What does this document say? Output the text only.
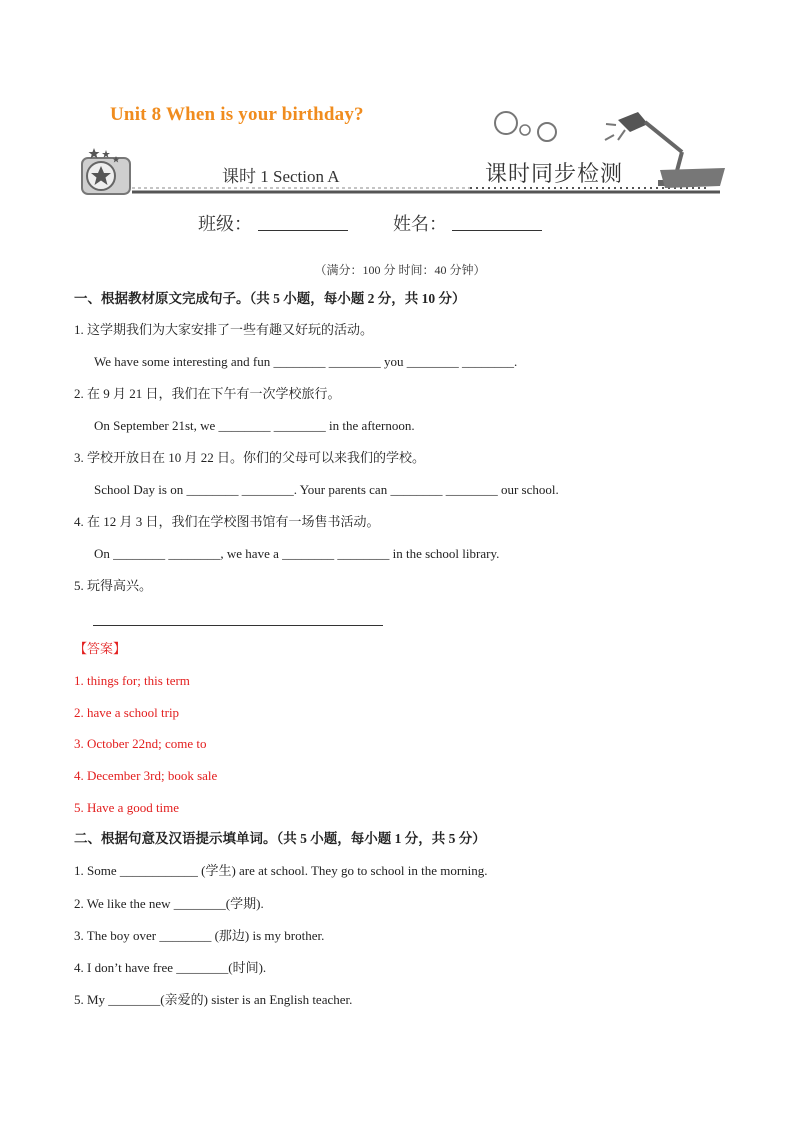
Unit 8 When is your birthday?
课时 1 Section A	课时同步检测
班级：	姓名：
（满分：100 分 时间：40 分钟）
一、根据教材原文完成句子。（共 5 小题，每小题 2 分，共 10 分）
1. 这学期我们为大家安排了一些有趣又好玩的活动。
We have some interesting and fun ________ ________ you ________ ________.
2. 在 9 月 21 日，我们在下午有一次学校旅行。
On September 21st, we ________ ________ in the afternoon.
3. 学校开放日在 10 月 22 日。你们的父母可以来我们的学校。
School Day is on ________ ________. Your parents can ________ ________ our school.
4. 在 12 月 3 日，我们在学校图书馆有一场售书活动。
On ________ ________, we have a ________ ________ in the school library.
5. 玩得高兴。
【答案】
1. things for; this term
2. have a school trip
3. October 22nd; come to
4. December 3rd; book sale
5. Have a good time
二、根据句意及汉语提示填单词。（共 5 小题，每小题 1 分，共 5 分）
1. Some ____________ (学生) are at school. They go to school in the morning.
2. We like the new ________(学期).
3. The boy over ________ (那边) is my brother.
4. I don’t have free ________(时间).
5. My ________(亲爱的) sister is an English teacher.
